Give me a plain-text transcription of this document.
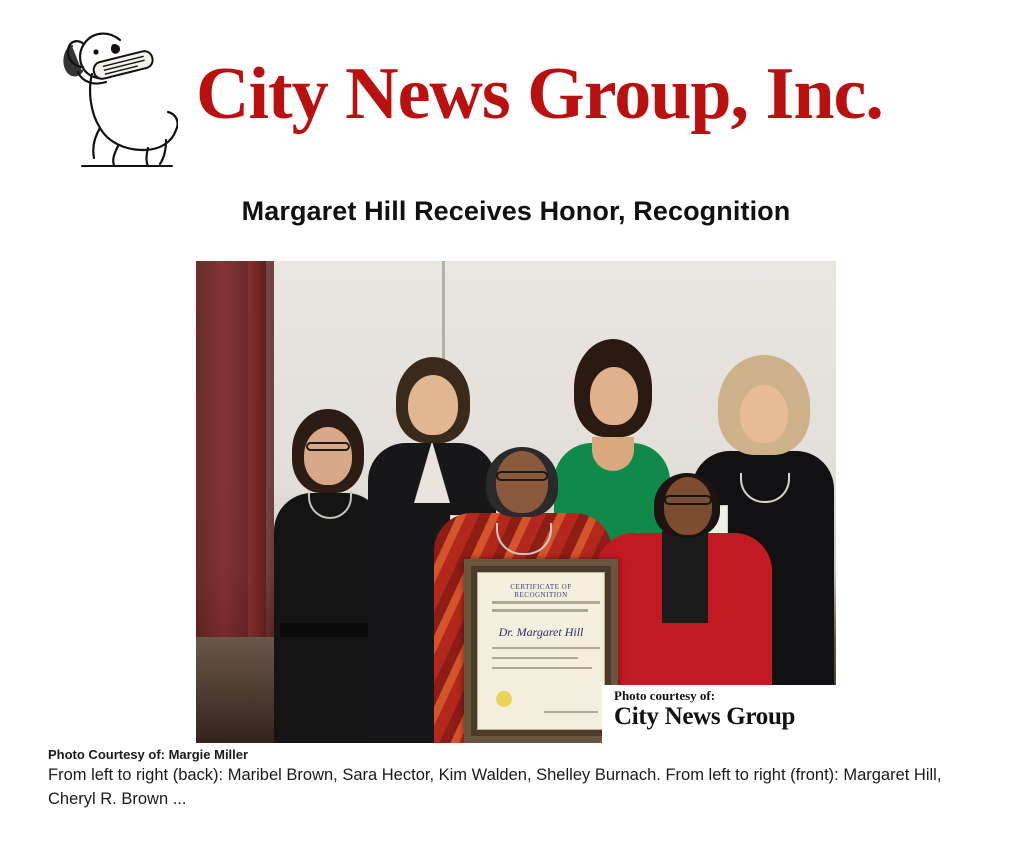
City News Group, Inc.
Margaret Hill Receives Honor, Recognition
CERTIFICATE OF RECOGNITION
Dr. Margaret Hill
Photo courtesy of:
City News Group
Photo Courtesy of: Margie Miller
From left to right (back): Maribel Brown, Sara Hector, Kim Walden, Shelley Burnach. From left to right (front): Margaret Hill, Cheryl R. Brown ...
